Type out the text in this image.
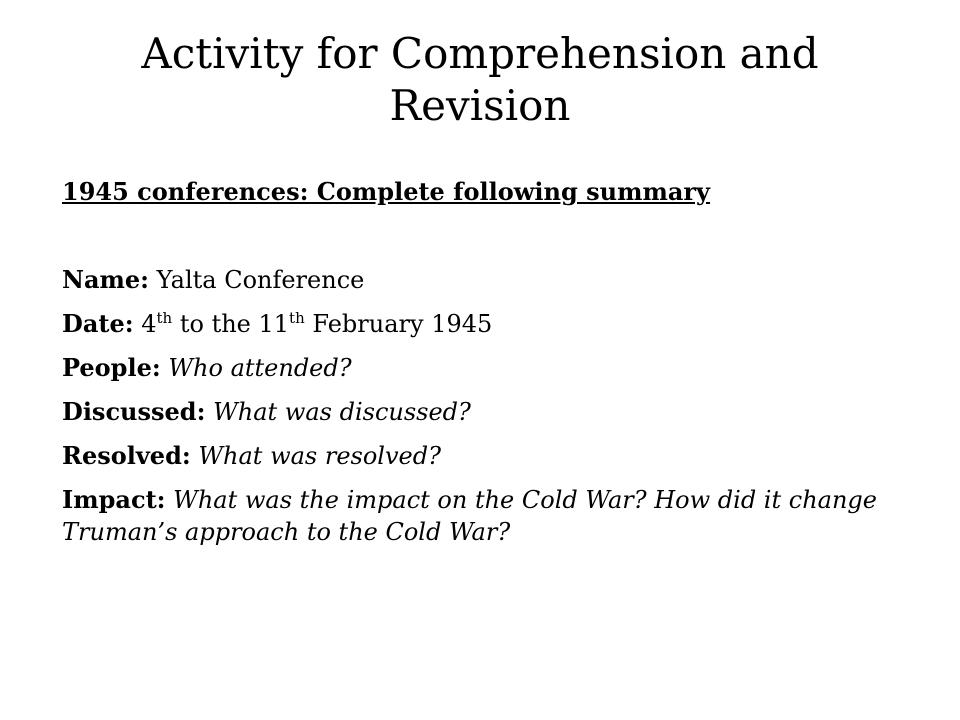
Activity for Comprehension and Revision

1945 conferences: Complete following summary

Name: Yalta Conference

Date: 4th to the 11th February 1945

People: Who attended?

Discussed: What was discussed?

Resolved: What was resolved?

Impact: What was the impact on the Cold War? How did it change Truman’s approach to the Cold War?
